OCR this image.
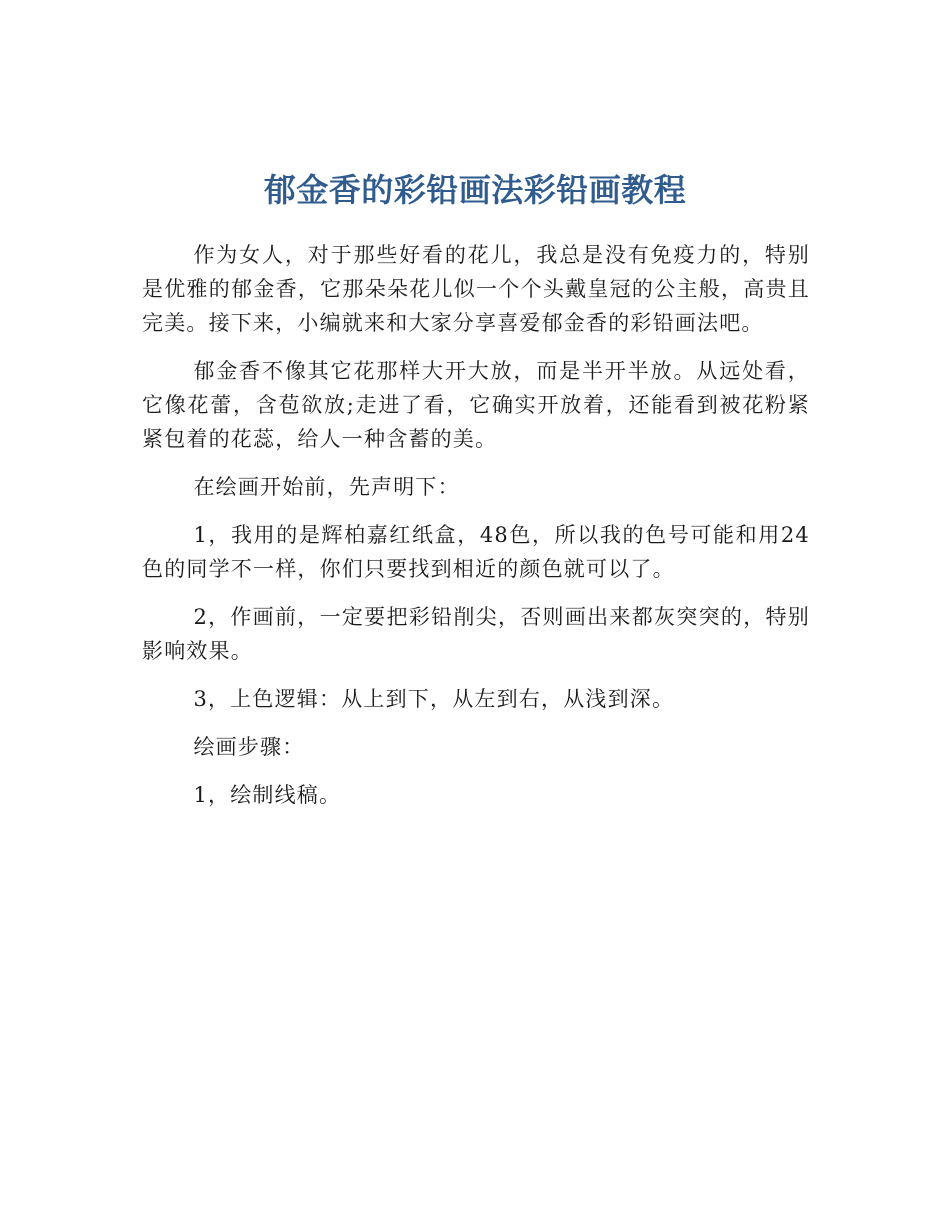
郁金香的彩铅画法彩铅画教程

作为女人，对于那些好看的花儿，我总是没有免疫力的，特别是优雅的郁金香，它那朵朵花儿似一个个头戴皇冠的公主般，高贵且完美。接下来，小编就来和大家分享喜爱郁金香的彩铅画法吧。

郁金香不像其它花那样大开大放，而是半开半放。从远处看，它像花蕾，含苞欲放;走进了看，它确实开放着，还能看到被花粉紧紧包着的花蕊，给人一种含蓄的美。

在绘画开始前，先声明下：

1，我用的是辉柏嘉红纸盒，48色，所以我的色号可能和用24色的同学不一样，你们只要找到相近的颜色就可以了。

2，作画前，一定要把彩铅削尖，否则画出来都灰突突的，特别影响效果。

3，上色逻辑：从上到下，从左到右，从浅到深。

绘画步骤：

1，绘制线稿。
